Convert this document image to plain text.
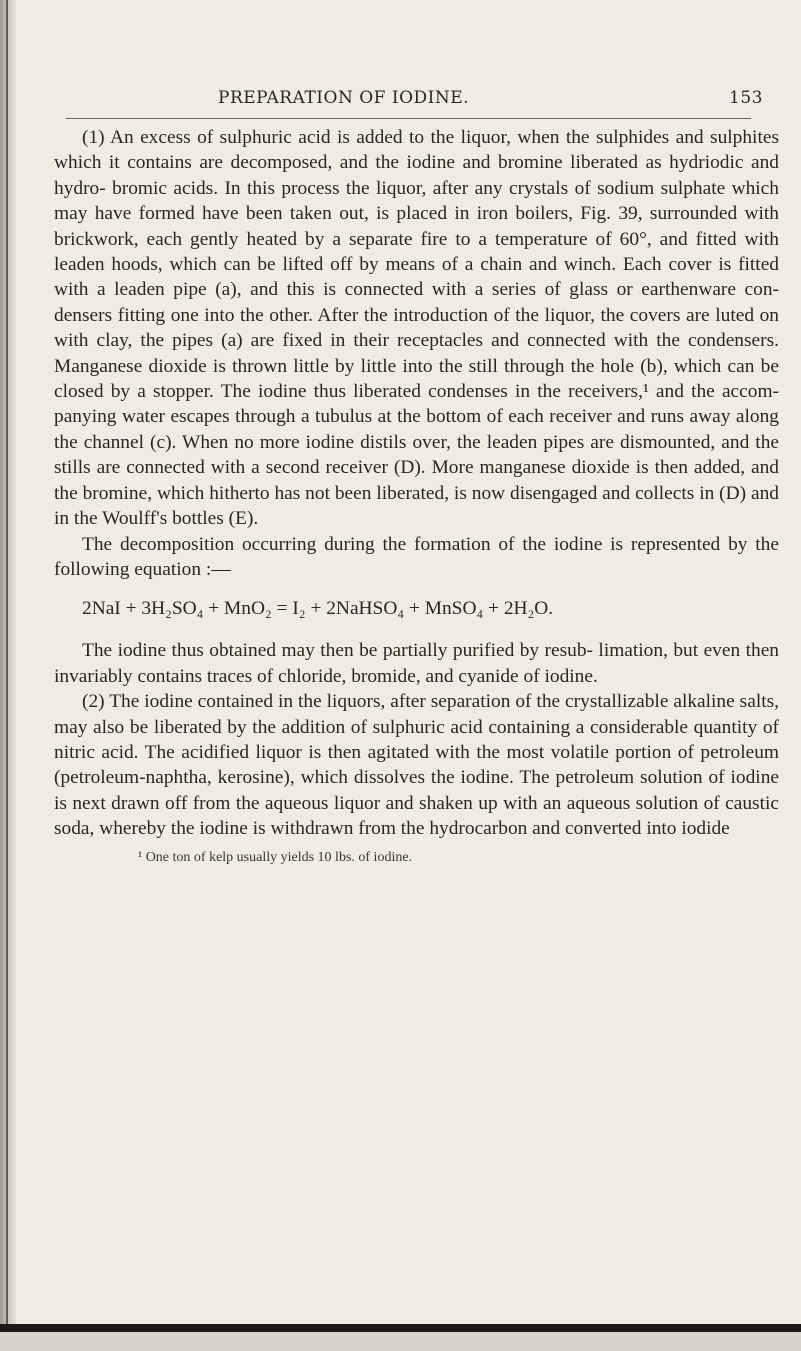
PREPARATION OF IODINE.	153

(1) An excess of sulphuric acid is added to the liquor, when the sulphides and sulphites which it contains are decomposed, and the iodine and bromine liberated as hydriodic and hydro- bromic acids. In this process the liquor, after any crystals of sodium sulphate which may have formed have been taken out, is placed in iron boilers, Fig. 39, surrounded with brickwork, each gently heated by a separate fire to a temperature of 60°, and fitted with leaden hoods, which can be lifted off by means of a chain and winch. Each cover is fitted with a leaden pipe (a), and this is connected with a series of glass or earthenware con- densers fitting one into the other. After the introduction of the liquor, the covers are luted on with clay, the pipes (a) are fixed in their receptacles and connected with the condensers. Manganese dioxide is thrown little by little into the still through the hole (b), which can be closed by a stopper. The iodine thus liberated condenses in the receivers,¹ and the accom- panying water escapes through a tubulus at the bottom of each receiver and runs away along the channel (c). When no more iodine distils over, the leaden pipes are dismounted, and the stills are connected with a second receiver (D). More manganese dioxide is then added, and the bromine, which hitherto has not been liberated, is now disengaged and collects in (D) and in the Woulff's bottles (E).

The decomposition occurring during the formation of the iodine is represented by the following equation :—

2NaI + 3H₂SO₄ + MnO₂ = I₂ + 2NaHSO₄ + MnSO₄ + 2H₂O.

The iodine thus obtained may then be partially purified by resub- limation, but even then invariably contains traces of chloride, bromide, and cyanide of iodine.

(2) The iodine contained in the liquors, after separation of the crystallizable alkaline salts, may also be liberated by the addition of sulphuric acid containing a considerable quantity of nitric acid. The acidified liquor is then agitated with the most volatile portion of petroleum (petroleum-naphtha, kerosine), which dissolves the iodine. The petroleum solution of iodine is next drawn off from the aqueous liquor and shaken up with an aqueous solution of caustic soda, whereby the iodine is withdrawn from the hydrocarbon and converted into iodide

¹ One ton of kelp usually yields 10 lbs. of iodine.
